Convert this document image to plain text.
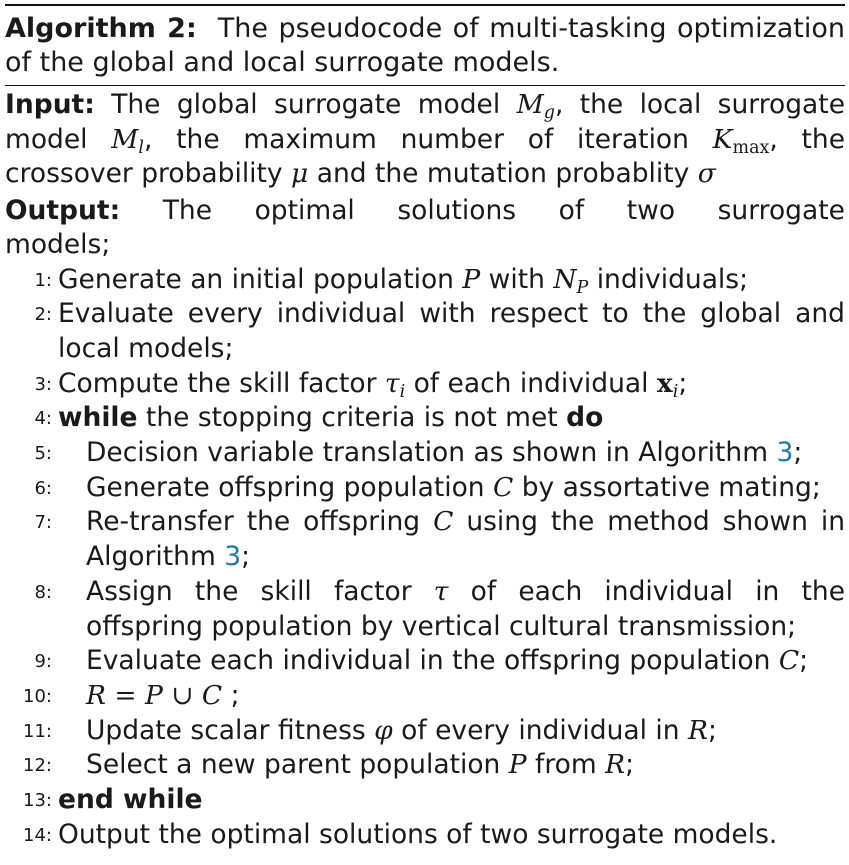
Algorithm 2: The pseudocode of multi-tasking optimization of the global and local surrogate models.
Input: The global surrogate model $M_g$, the local surrogate model $M_l$, the maximum number of iteration $K_{max}$, the crossover probability μ and the mutation probablity σ
Output: The optimal solutions of two surrogate
models;
1: Generate an initial population P with $N_P$ individuals;
2: Evaluate every individual with respect to the global and local models;
3: Compute the skill factor $\tau_i$ of each individual $x_i$;
4: while the stopping criteria is not met do
5:	Decision variable translation as shown in Algorithm 3;
6:	Generate offspring population C by assortative mating;
7:	Re-transfer the offspring C using the method shown in Algorithm 3;
8:	Assign the skill factor τ of each individual in the offspring population by vertical cultural transmission;
9:	Evaluate each individual in the offspring population C;
10:	R = P ∪ C ;
11:	Update scalar fitness φ of every individual in R;
12:	Select a new parent population P from R;
13: end while
14: Output the optimal solutions of two surrogate models.
